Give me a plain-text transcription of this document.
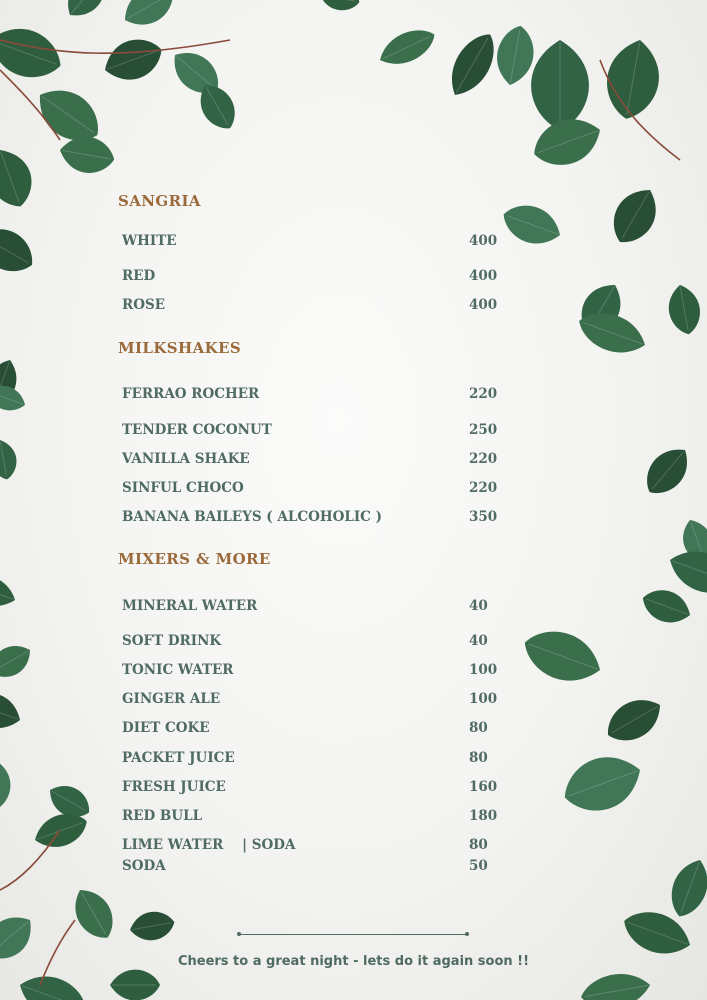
SANGRIA

WHITE	400

RED	400

ROSE	400

MILKSHAKES

FERRAO ROCHER	220

TENDER COCONUT	250

VANILLA SHAKE	220

SINFUL CHOCO	220

BANANA BAILEYS ( ALCOHOLIC )	350

MIXERS & MORE

MINERAL WATER	40

SOFT DRINK	40

TONIC WATER	100

GINGER ALE	100

DIET COKE	80

PACKET JUICE	80

FRESH JUICE	160

RED BULL	180

LIME WATER    | SODA	80

SODA	50

Cheers to a great night - lets do it again soon !!
